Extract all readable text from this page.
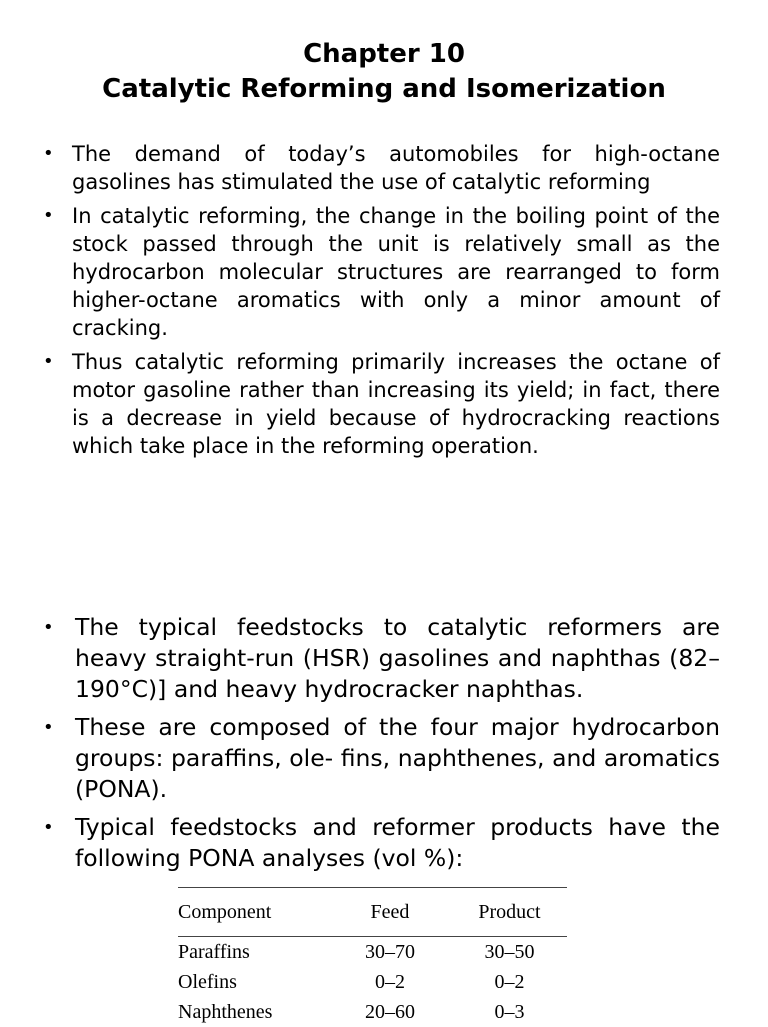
Chapter 10
Catalytic Reforming and Isomerization
• The demand of today’s automobiles for high-octane gasolines has stimulated the use of catalytic reforming
• In catalytic reforming, the change in the boiling point of the stock passed through the unit is relatively small as the hydrocarbon molecular structures are rearranged to form higher-octane aromatics with only a minor amount of cracking.
• Thus catalytic reforming primarily increases the octane of motor gasoline rather than increasing its yield; in fact, there is a decrease in yield because of hydrocracking reactions which take place in the reforming operation.
• The typical feedstocks to catalytic reformers are heavy straight-run (HSR) gasolines and naphthas (82–190°C)] and heavy hydrocracker naphthas.
• These are composed of the four major hydrocarbon groups: paraffins, ole- fins, naphthenes, and aromatics (PONA).
• Typical feedstocks and reformer products have the following PONA analyses (vol %):
Component	Feed	Product

Paraffins	30–70	30–50
Olefins	0–2	0–2
Naphthenes	20–60	0–3
